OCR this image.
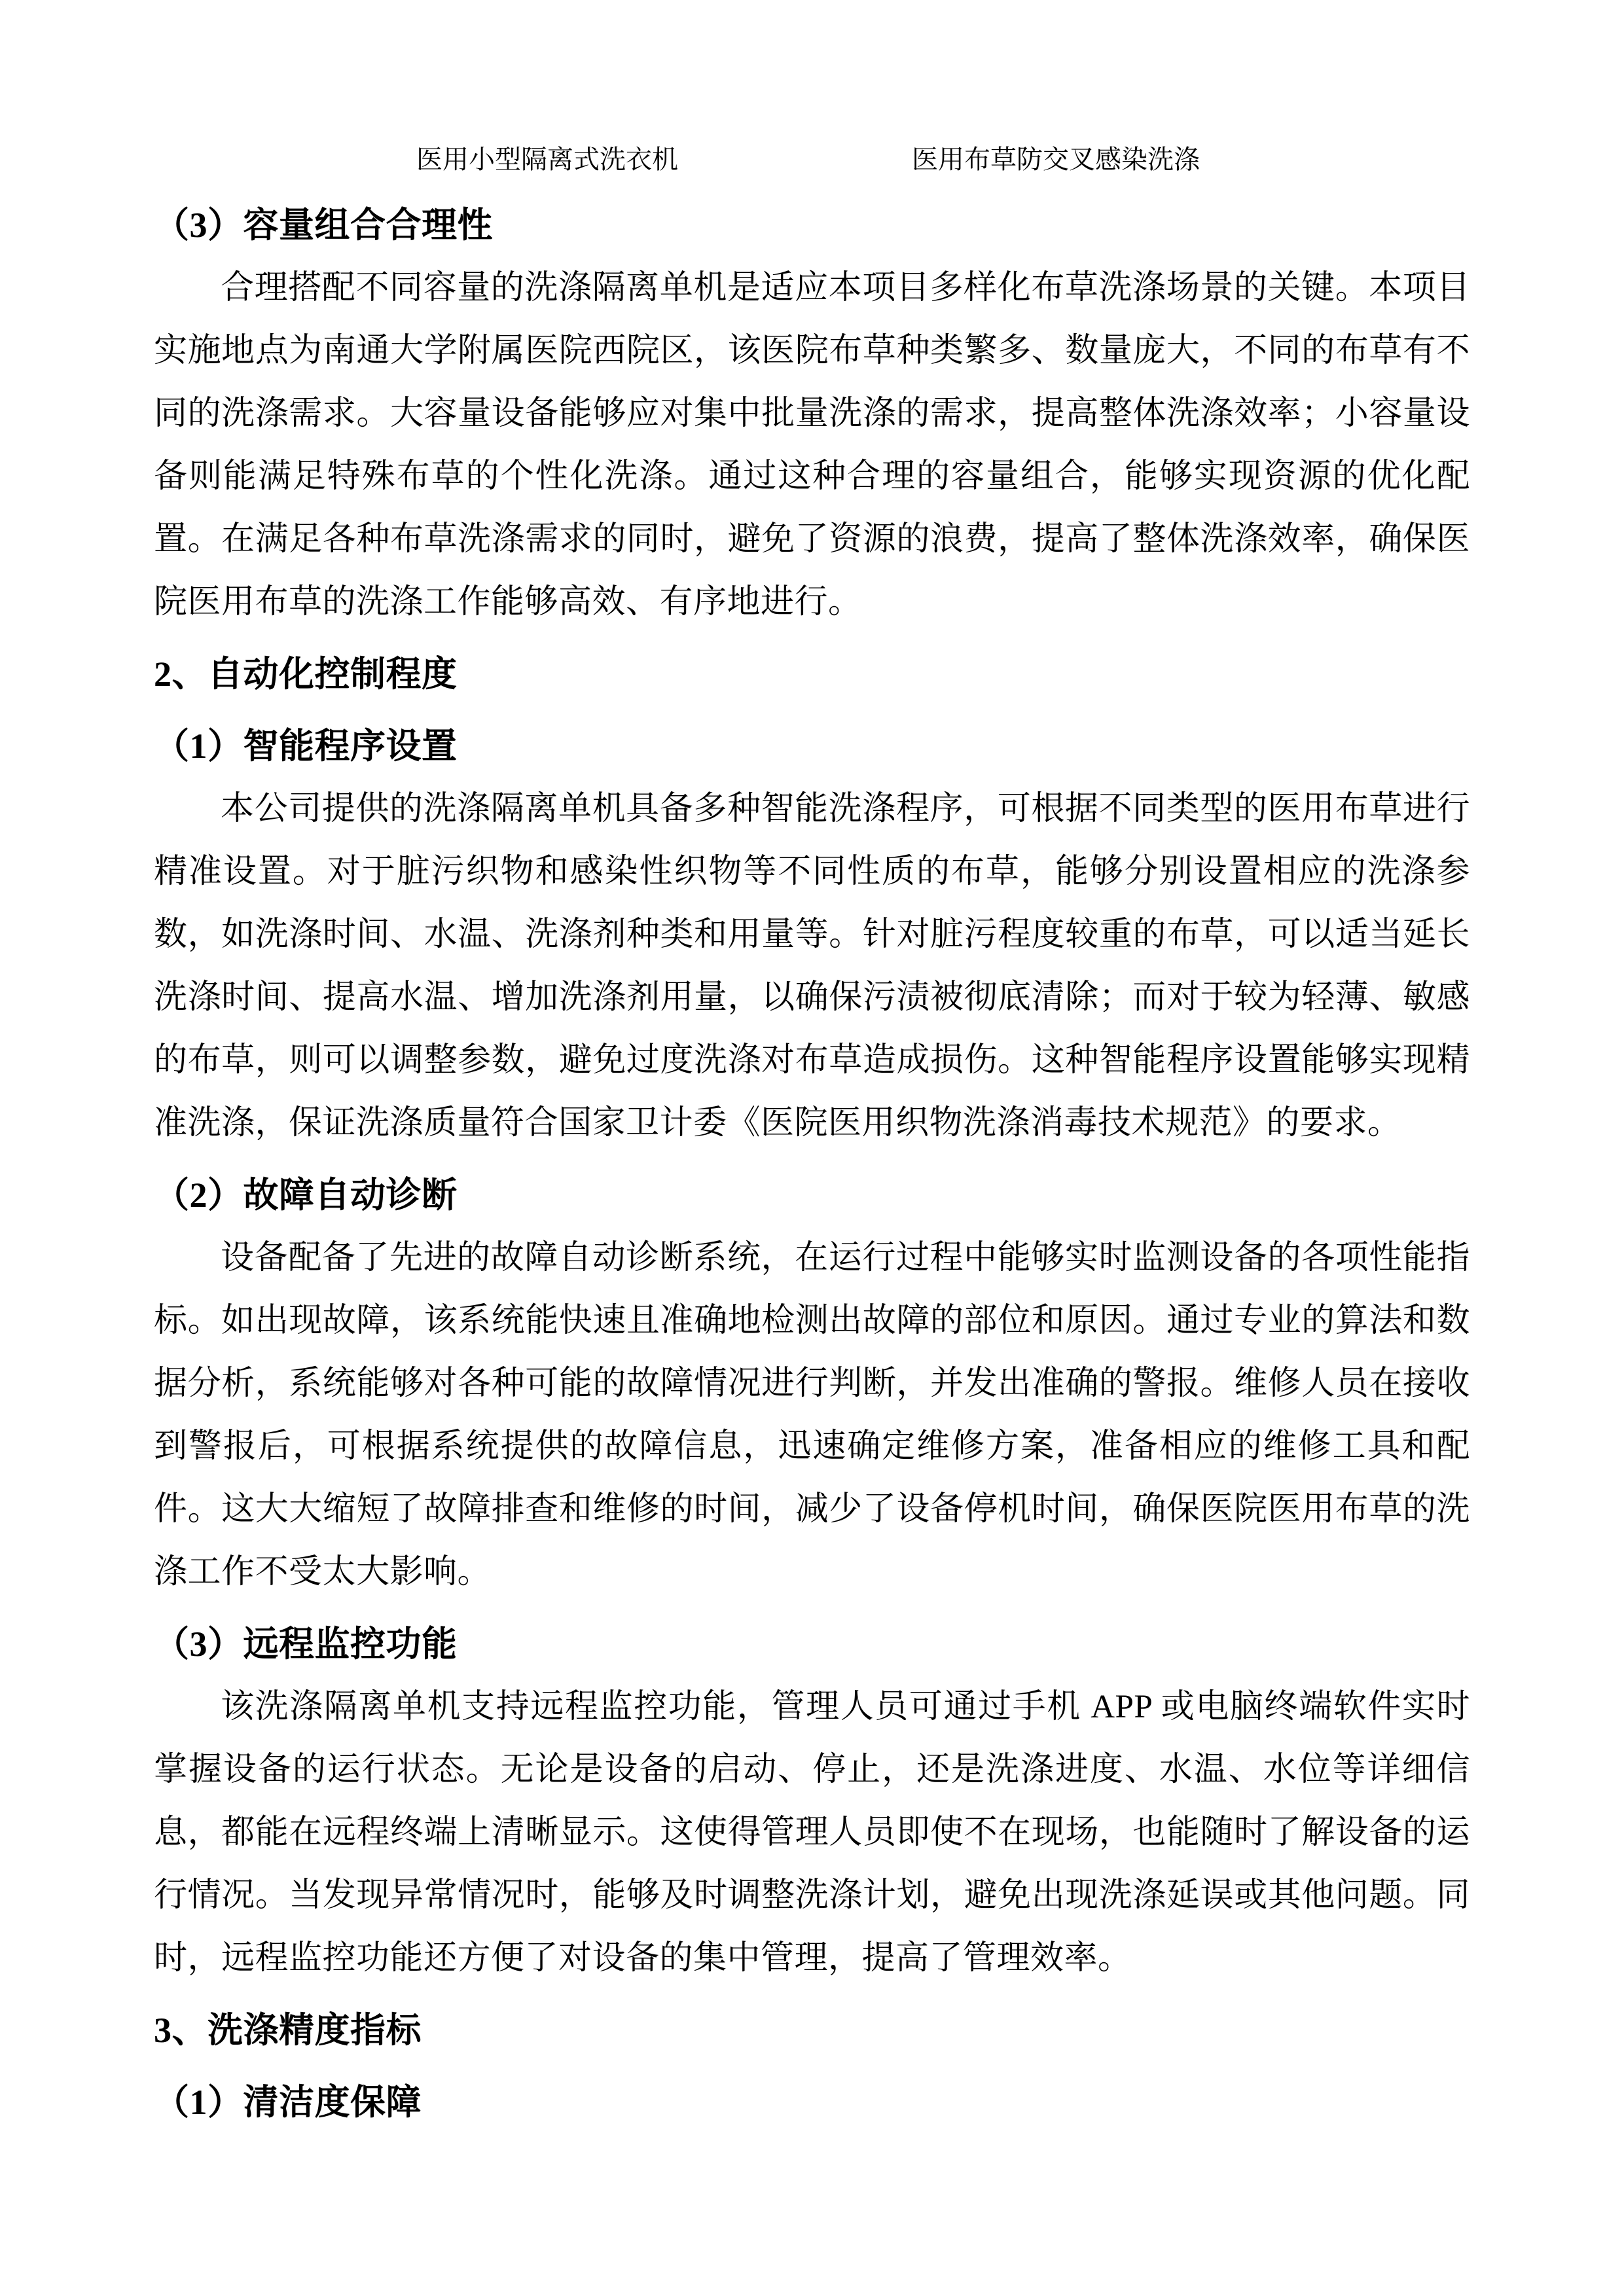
医用小型隔离式洗衣机	医用布草防交叉感染洗涤
（3）容量组合合理性
合理搭配不同容量的洗涤隔离单机是适应本项目多样化布草洗涤场景的关键。本项目实施地点为南通大学附属医院西院区，该医院布草种类繁多、数量庞大，不同的布草有不同的洗涤需求。大容量设备能够应对集中批量洗涤的需求，提高整体洗涤效率；小容量设备则能满足特殊布草的个性化洗涤。通过这种合理的容量组合，能够实现资源的优化配置。在满足各种布草洗涤需求的同时，避免了资源的浪费，提高了整体洗涤效率，确保医院医用布草的洗涤工作能够高效、有序地进行。
2、自动化控制程度
（1）智能程序设置
本公司提供的洗涤隔离单机具备多种智能洗涤程序，可根据不同类型的医用布草进行精准设置。对于脏污织物和感染性织物等不同性质的布草，能够分别设置相应的洗涤参数，如洗涤时间、水温、洗涤剂种类和用量等。针对脏污程度较重的布草，可以适当延长洗涤时间、提高水温、增加洗涤剂用量，以确保污渍被彻底清除；而对于较为轻薄、敏感的布草，则可以调整参数，避免过度洗涤对布草造成损伤。这种智能程序设置能够实现精准洗涤，保证洗涤质量符合国家卫计委《医院医用织物洗涤消毒技术规范》的要求。
（2）故障自动诊断
设备配备了先进的故障自动诊断系统，在运行过程中能够实时监测设备的各项性能指标。如出现故障，该系统能快速且准确地检测出故障的部位和原因。通过专业的算法和数据分析，系统能够对各种可能的故障情况进行判断，并发出准确的警报。维修人员在接收到警报后，可根据系统提供的故障信息，迅速确定维修方案，准备相应的维修工具和配件。这大大缩短了故障排查和维修的时间，减少了设备停机时间，确保医院医用布草的洗涤工作不受太大影响。
（3）远程监控功能
该洗涤隔离单机支持远程监控功能，管理人员可通过手机 APP 或电脑终端软件实时掌握设备的运行状态。无论是设备的启动、停止，还是洗涤进度、水温、水位等详细信息，都能在远程终端上清晰显示。这使得管理人员即使不在现场，也能随时了解设备的运行情况。当发现异常情况时，能够及时调整洗涤计划，避免出现洗涤延误或其他问题。同时，远程监控功能还方便了对设备的集中管理，提高了管理效率。
3、洗涤精度指标
（1）清洁度保障
